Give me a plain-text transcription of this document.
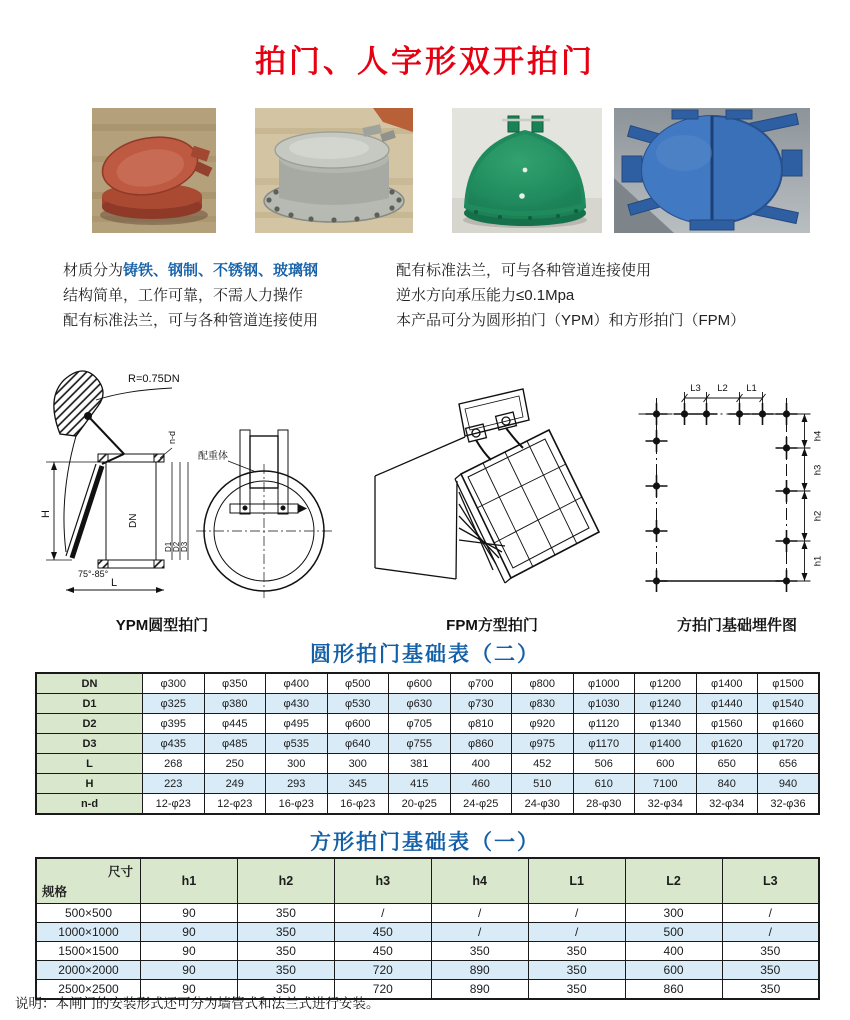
拍门、人字形双开拍门

材质分为铸铁、钢制、不锈钢、玻璃钢

结构简单，工作可靠，不需人力操作

配有标准法兰，可与各种管道连接使用

配有标准法兰，可与各种管道连接使用

逆水方向承压能力≤0.1Mpa

本产品可分为圆形拍门（YPM）和方形拍门（FPM）

R=0.75DN
H	DN
n-d
D1 D2 D3
75°-85°
L
配重体
L3 L2 L1
h4
h3
h2
h1
YPM圆型拍门	FPM方型拍门	方拍门基础埋件图
圆形拍门基础表（二）
DN	φ300	φ350	φ400	φ500	φ600	φ700	φ800	φ1000	φ1200	φ1400	φ1500
D1	φ325	φ380	φ430	φ530	φ630	φ730	φ830	φ1030	φ1240	φ1440	φ1540
D2	φ395	φ445	φ495	φ600	φ705	φ810	φ920	φ1120	φ1340	φ1560	φ1660
D3	φ435	φ485	φ535	φ640	φ755	φ860	φ975	φ1170	φ1400	φ1620	φ1720
L	268	250	300	300	381	400	452	506	600	650	656
H	223	249	293	345	415	460	510	610	7100	840	940
n-d	12-φ23	12-φ23	16-φ23	16-φ23	20-φ25	24-φ25	24-φ30	28-φ30	32-φ34	32-φ34	32-φ36
方形拍门基础表（一）
尺寸
规格	h1	h2	h3	h4	L1	L2	L3
500×500	90	350	/	/	/	300	/
1000×1000	90	350	450	/	/	500	/
1500×1500	90	350	450	350	350	400	350
2000×2000	90	350	720	890	350	600	350
2500×2500	90	350	720	890	350	860	350

说明：本闸门的安装形式还可分为墙管式和法兰式进行安装。
